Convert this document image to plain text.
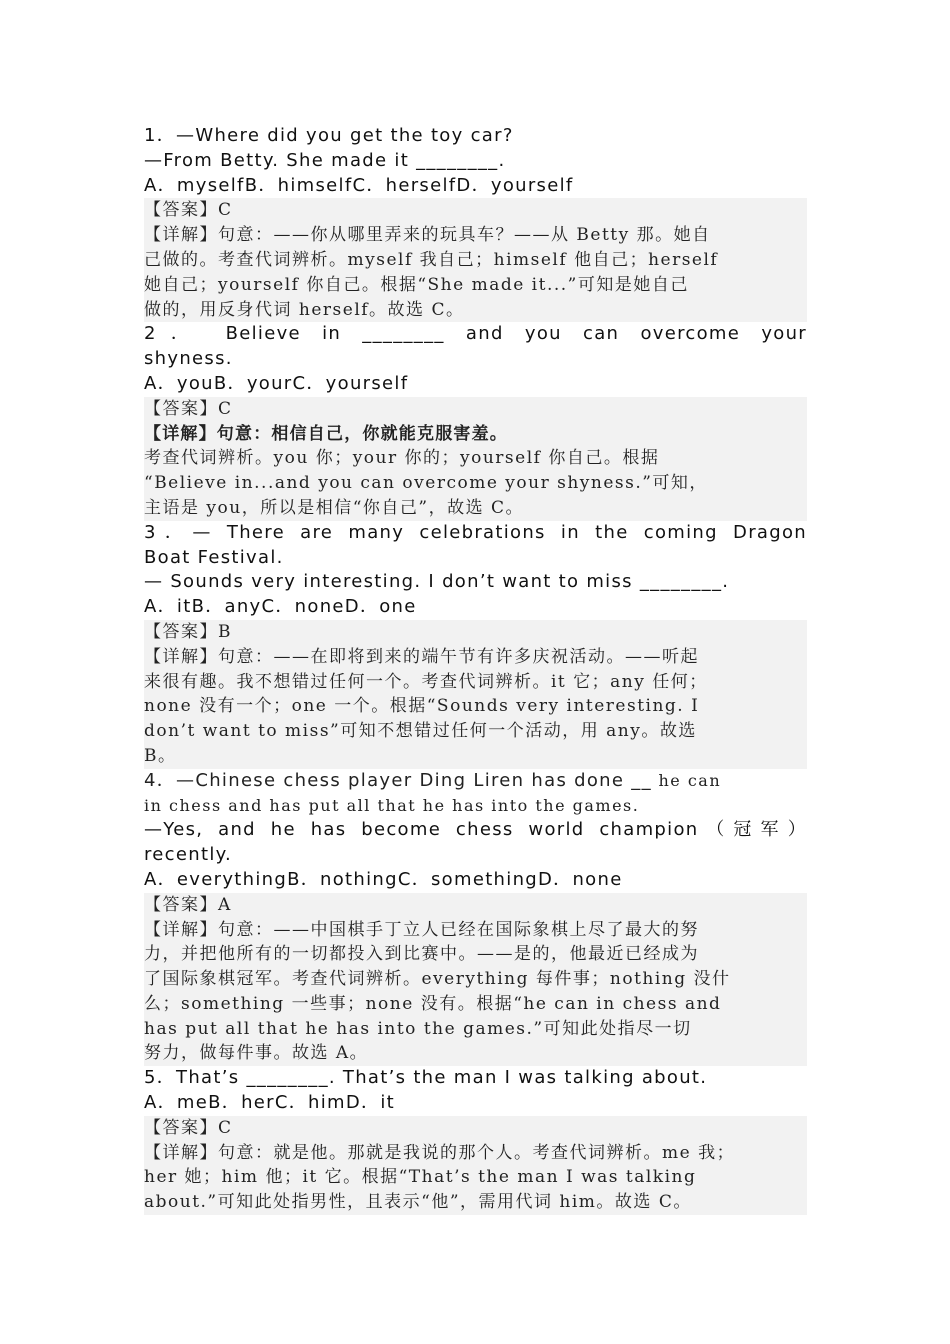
1．—Where did you get the toy car?
—From Betty. She made it ________.
A．myselfB．himselfC．herselfD．yourself
【答案】C
【详解】句意：——你从哪里弄来的玩具车？——从 Betty 那。她自
己做的。考查代词辨析。myself 我自己；himself 他自己；herself
她自己；yourself 你自己。根据“She made it...”可知是她自己
做的，用反身代词 herself。故选 C。
2． Believe in ________ and you can overcome your
shyness.
A．youB．yourC．yourself
【答案】C
【详解】句意：相信自己，你就能克服害羞。
考查代词辨析。you 你；your 你的；yourself 你自己。根据
“Believe in...and you can overcome your shyness.”可知，
主语是 you，所以是相信“你自己”，故选 C。
3．— There are many celebrations in the coming Dragon
Boat Festival.
— Sounds very interesting. I don’t want to miss ________.
A．itB．anyC．noneD．one
【答案】B
【详解】句意：——在即将到来的端午节有许多庆祝活动。——听起
来很有趣。我不想错过任何一个。考查代词辨析。it 它；any 任何；
none 没有一个；one 一个。根据“Sounds very interesting. I
don’t want to miss”可知不想错过任何一个活动，用 any。故选
B。
4．—Chinese chess player Ding Liren has done __ he can
in chess and has put all that he has into the games.
—Yes, and he has become chess world champion（冠军）
recently.
A．everythingB．nothingC．somethingD．none
【答案】A
【详解】句意：——中国棋手丁立人已经在国际象棋上尽了最大的努
力，并把他所有的一切都投入到比赛中。——是的，他最近已经成为
了国际象棋冠军。考查代词辨析。everything 每件事；nothing 没什
么；something 一些事；none 没有。根据“he can in chess and
has put all that he has into the games.”可知此处指尽一切
努力，做每件事。故选 A。
5．That’s ________. That’s the man I was talking about.
A．meB．herC．himD．it
【答案】C
【详解】句意：就是他。那就是我说的那个人。考查代词辨析。me 我；
her 她；him 他；it 它。根据“That’s the man I was talking
about.”可知此处指男性，且表示“他”，需用代词 him。故选 C。
